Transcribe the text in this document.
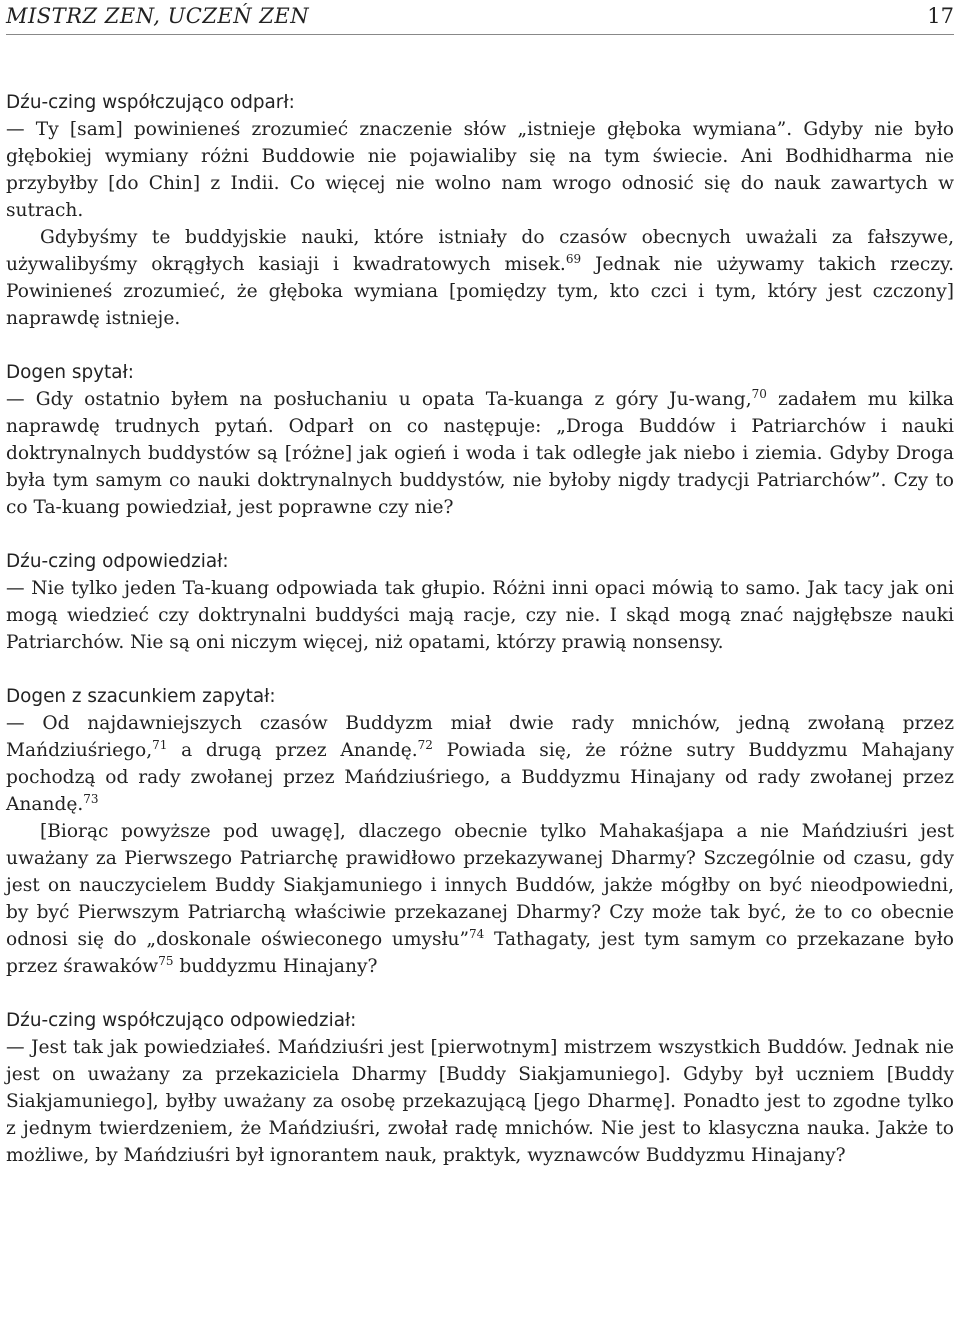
MISTRZ ZEN, UCZEŃ ZEN	17

Dźu-czing współczująco odparł:

— Ty [sam] powinieneś zrozumieć znaczenie słów „istnieje głęboka wymiana”. Gdyby nie było głębokiej wymiany różni Buddowie nie pojawialiby się na tym świecie. Ani Bodhidharma nie przybyłby [do Chin] z Indii. Co więcej nie wolno nam wrogo odnosić się do nauk zawartych w sutrach.

Gdybyśmy te buddyjskie nauki, które istniały do czasów obecnych uważali za fałszywe, używalibyśmy okrągłych kasiaji i kwadratowych misek.$^{69}$ Jednak nie używamy takich rzeczy. Powinieneś zrozumieć, że głęboka wymiana [pomiędzy tym, kto czci i tym, który jest czczony] naprawdę istnieje.

Dogen spytał:

— Gdy ostatnio byłem na posłuchaniu u opata Ta-kuanga z góry Ju-wang,$^{70}$ zadałem mu kilka naprawdę trudnych pytań. Odparł on co następuje: „Droga Buddów i Patriarchów i nauki doktrynalnych buddystów są [różne] jak ogień i woda i tak odległe jak niebo i ziemia. Gdyby Droga była tym samym co nauki doktrynalnych buddystów, nie byłoby nigdy tradycji Patriarchów”. Czy to co Ta-kuang powiedział, jest poprawne czy nie?

Dźu-czing odpowiedział:

— Nie tylko jeden Ta-kuang odpowiada tak głupio. Różni inni opaci mówią to samo. Jak tacy jak oni mogą wiedzieć czy doktrynalni buddyści mają racje, czy nie. I skąd mogą znać najgłębsze nauki Patriarchów. Nie są oni niczym więcej, niż opatami, którzy prawią nonsensy.

Dogen z szacunkiem zapytał:

— Od najdawniejszych czasów Buddyzm miał dwie rady mnichów, jedną zwołaną przez Mańdziuśriego,$^{71}$ a drugą przez Anandę.$^{72}$ Powiada się, że różne sutry Buddyzmu Mahajany pochodzą od rady zwołanej przez Mańdziuśriego, a Buddyzmu Hinajany od rady zwołanej przez Anandę.$^{73}$

[Biorąc powyższe pod uwagę], dlaczego obecnie tylko Mahakaśjapa a nie Mańdziuśri jest uważany za Pierwszego Patriarchę prawidłowo przekazywanej Dharmy? Szczególnie od czasu, gdy jest on nauczycielem Buddy Siakjamuniego i innych Buddów, jakże mógłby on być nieodpowiedni, by być Pierwszym Patriarchą właściwie przekazanej Dharmy? Czy może tak być, że to co obecnie odnosi się do „doskonale oświeconego umysłu”$^{74}$ Tathagaty, jest tym samym co przekazane było przez śrawaków$^{75}$ buddyzmu Hinajany?

Dźu-czing współczująco odpowiedział:

— Jest tak jak powiedziałeś. Mańdziuśri jest [pierwotnym] mistrzem wszystkich Buddów. Jednak nie jest on uważany za przekaziciela Dharmy [Buddy Siakjamuniego]. Gdyby był uczniem [Buddy Siakjamuniego], byłby uważany za osobę przekazującą [jego Dharmę]. Ponadto jest to zgodne tylko z jednym twierdzeniem, że Mańdziuśri, zwołał radę mnichów. Nie jest to klasyczna nauka. Jakże to możliwe, by Mańdziuśri był ignorantem nauk, praktyk, wyznawców Buddyzmu Hinajany?
